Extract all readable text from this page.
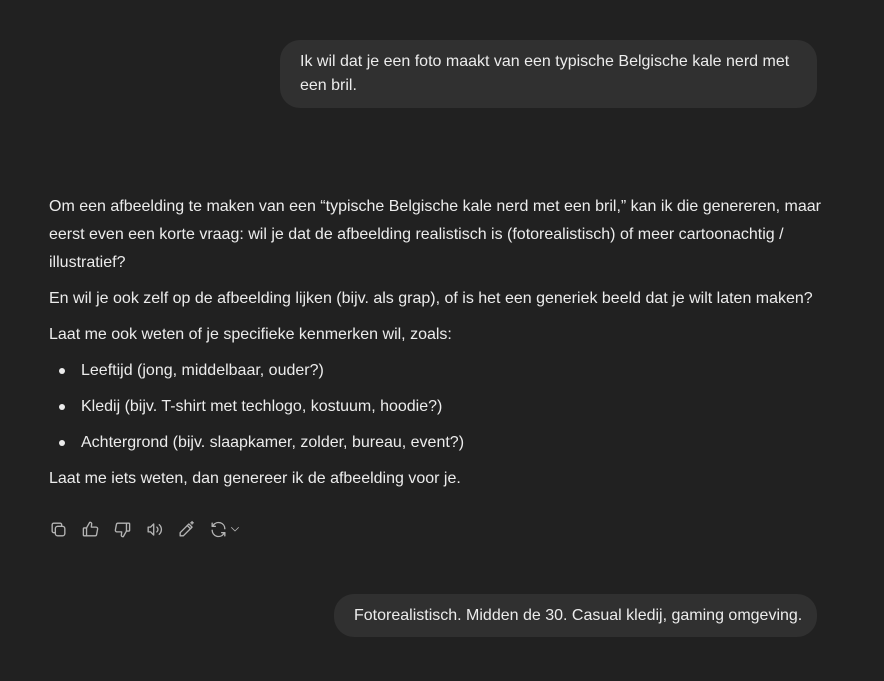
Ik wil dat je een foto maakt van een typische Belgische kale nerd met een bril.

Om een afbeelding te maken van een “typische Belgische kale nerd met een bril,” kan ik die genereren, maar eerst even een korte vraag: wil je dat de afbeelding realistisch is (fotorealistisch) of meer cartoonachtig / illustratief?

En wil je ook zelf op de afbeelding lijken (bijv. als grap), of is het een generiek beeld dat je wilt laten maken?

Laat me ook weten of je specifieke kenmerken wil, zoals:

Leeftijd (jong, middelbaar, ouder?)
Kledij (bijv. T-shirt met techlogo, kostuum, hoodie?)
Achtergrond (bijv. slaapkamer, zolder, bureau, event?)

Laat me iets weten, dan genereer ik de afbeelding voor je.

Fotorealistisch. Midden de 30. Casual kledij, gaming omgeving.
